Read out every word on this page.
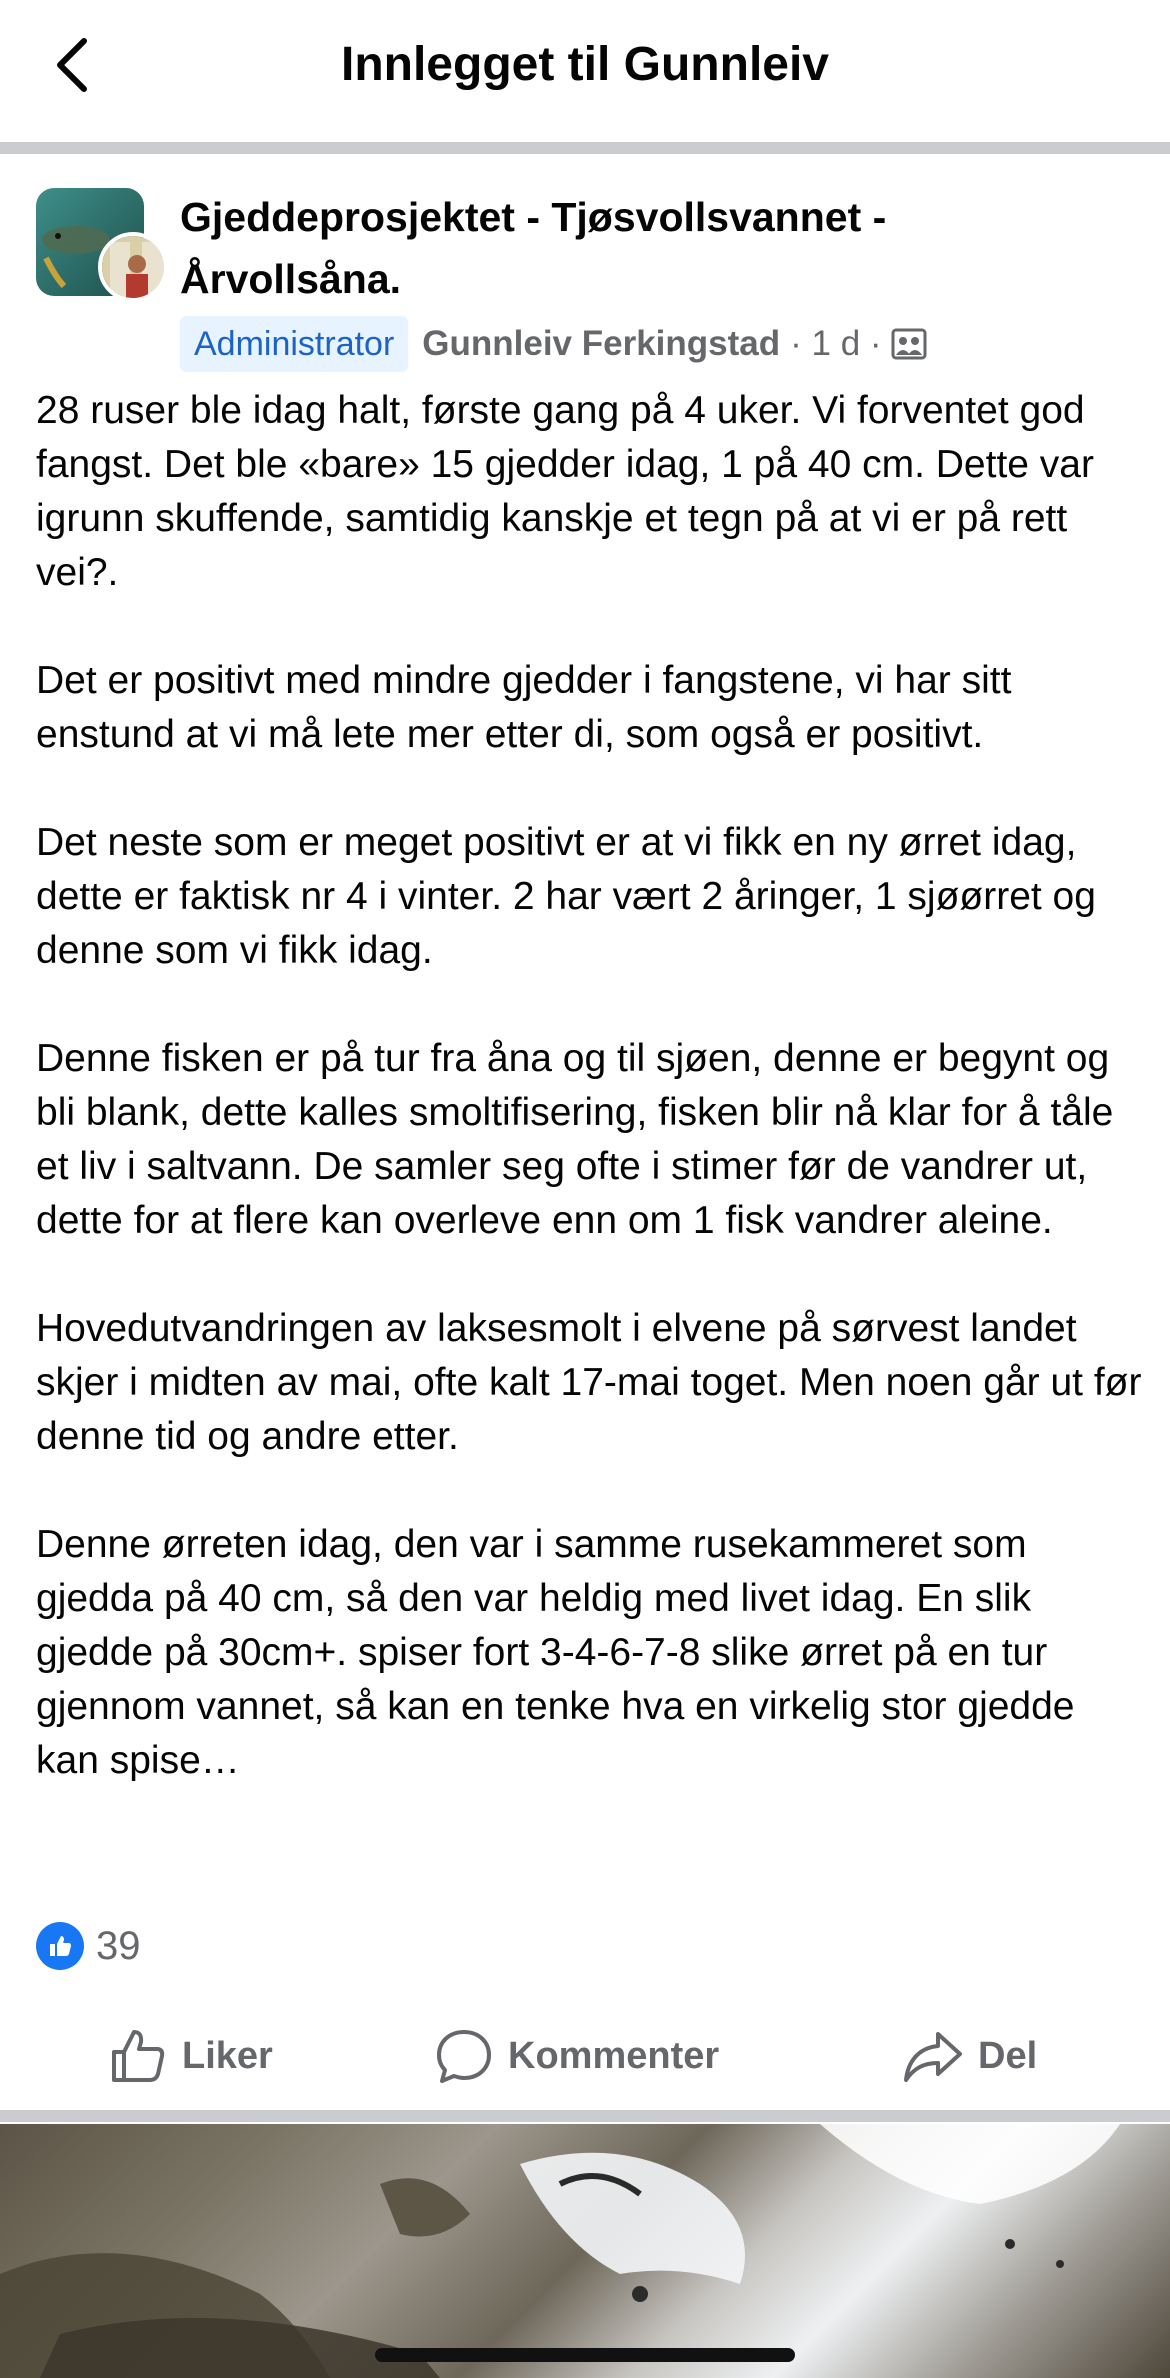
Innlegget til Gunnleiv
Gjeddeprosjektet - Tjøsvollsvannet - Årvollsåna.
Administrator Gunnleiv Ferkingstad · 1 d ·

28 ruser ble idag halt, første gang på 4 uker. Vi forventet god fangst. Det ble «bare» 15 gjedder idag, 1 på 40 cm. Dette var igrunn skuffende, samtidig kanskje et tegn på at vi er på rett vei?.

Det er positivt med mindre gjedder i fangstene, vi har sitt enstund at vi må lete mer etter di, som også er positivt.

Det neste som er meget positivt er at vi fikk en ny ørret idag, dette er faktisk nr 4 i vinter. 2 har vært 2 åringer, 1 sjøørret og denne som vi fikk idag.

Denne fisken er på tur fra åna og til sjøen, denne er begynt og bli blank, dette kalles smoltifisering, fisken blir nå klar for å tåle et liv i saltvann. De samler seg ofte i stimer før de vandrer ut, dette for at flere kan overleve enn om 1 fisk vandrer aleine.

Hovedutvandringen av laksesmolt i elvene på sørvest landet skjer i midten av mai, ofte kalt 17-mai toget. Men noen går ut før denne tid og andre etter.

Denne ørreten idag, den var i samme rusekammeret som gjedda på 40 cm, så den var heldig med livet idag. En slik gjedde på 30cm+. spiser fort 3-4-6-7-8 slike ørret på en tur gjennom vannet, så kan en tenke hva en virkelig stor gjedde kan spise…

39
Liker	Kommenter	Del
